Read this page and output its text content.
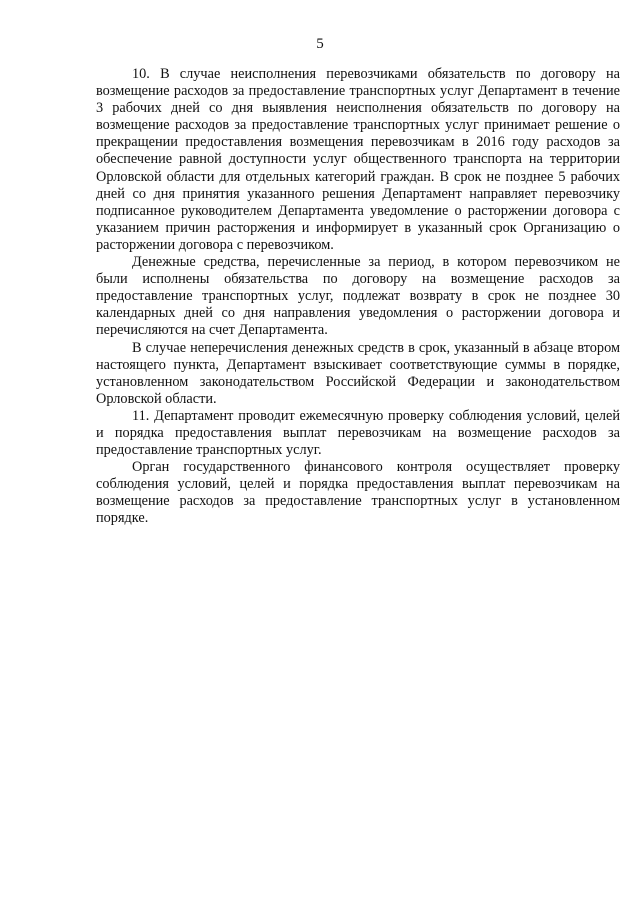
5

10. В случае неисполнения перевозчиками обязательств по договору на возмещение расходов за предоставление транспортных услуг Департамент в течение 3 рабочих дней со дня выявления неисполнения обязательств по договору на возмещение расходов за предоставление транспортных услуг принимает решение о прекращении предоставления возмещения перевозчикам в 2016 году расходов за обеспечение равной доступности услуг общественного транспорта на территории Орловской области для отдельных категорий граждан. В срок не позднее 5 рабочих дней со дня принятия указанного решения Департамент направляет перевозчику подписанное руководителем Департамента уведомление о расторжении договора с указанием причин расторжения и информирует в указанный срок Организацию о расторжении договора с перевозчиком.

Денежные средства, перечисленные за период, в котором перевозчиком не были исполнены обязательства по договору на возмещение расходов за предоставление транспортных услуг, подлежат возврату в срок не позднее 30 календарных дней со дня направления уведомления о расторжении договора и перечисляются на счет Департамента.

В случае неперечисления денежных средств в срок, указанный в абзаце втором настоящего пункта, Департамент взыскивает соответствующие суммы в порядке, установленном законодательством Российской Федерации и законодательством Орловской области.

11. Департамент проводит ежемесячную проверку соблюдения условий, целей и порядка предоставления выплат перевозчикам на возмещение расходов за предоставление транспортных услуг.

Орган государственного финансового контроля осуществляет проверку соблюдения условий, целей и порядка предоставления выплат перевозчикам на возмещение расходов за предоставление транспортных услуг в установленном порядке.
